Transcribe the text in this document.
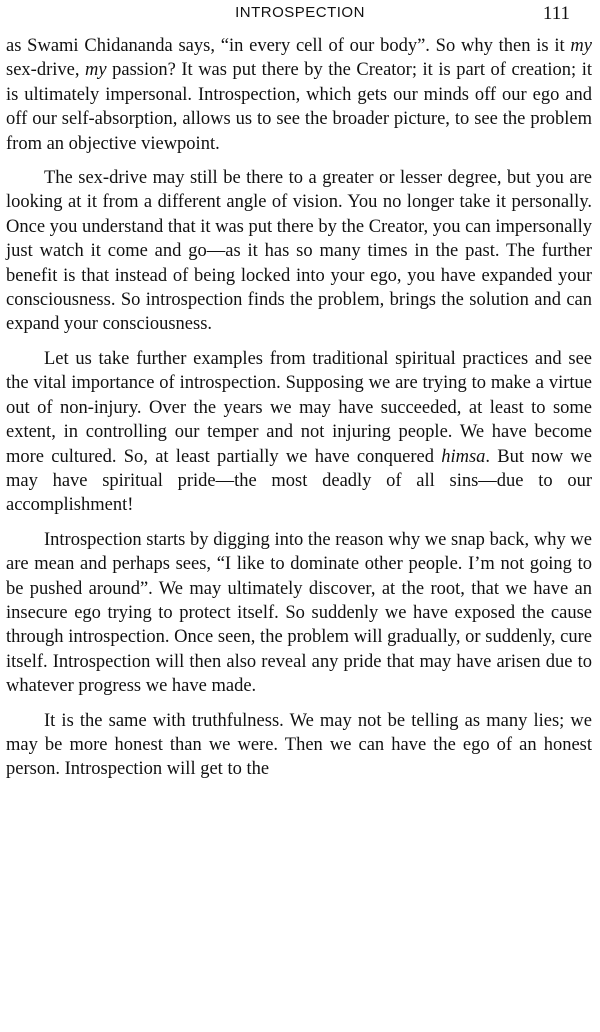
INTROSPECTION	111

as Swami Chidananda says, “in every cell of our body”. So why then is it my sex-drive, my passion? It was put there by the Creator; it is part of creation; it is ultimately impersonal. Introspection, which gets our minds off our ego and off our self-absorption, allows us to see the broader picture, to see the problem from an objective viewpoint.

The sex-drive may still be there to a greater or lesser degree, but you are looking at it from a different angle of vision. You no longer take it personally. Once you understand that it was put there by the Creator, you can impersonally just watch it come and go—as it has so many times in the past. The further benefit is that instead of being locked into your ego, you have expanded your consciousness. So introspection finds the problem, brings the solution and can expand your consciousness.

Let us take further examples from traditional spiritual practices and see the vital importance of introspection. Supposing we are trying to make a virtue out of non-injury. Over the years we may have succeeded, at least to some extent, in controlling our temper and not injuring people. We have become more cultured. So, at least partially we have conquered himsa. But now we may have spiritual pride—the most deadly of all sins—due to our accomplishment!

Introspection starts by digging into the reason why we snap back, why we are mean and perhaps sees, “I like to dominate other people. I’m not going to be pushed around”. We may ultimately discover, at the root, that we have an insecure ego trying to protect itself. So suddenly we have exposed the cause through introspection. Once seen, the problem will gradually, or suddenly, cure itself. Introspection will then also reveal any pride that may have arisen due to whatever progress we have made.

It is the same with truthfulness. We may not be telling as many lies; we may be more honest than we were. Then we can have the ego of an honest person. Introspection will get to the
